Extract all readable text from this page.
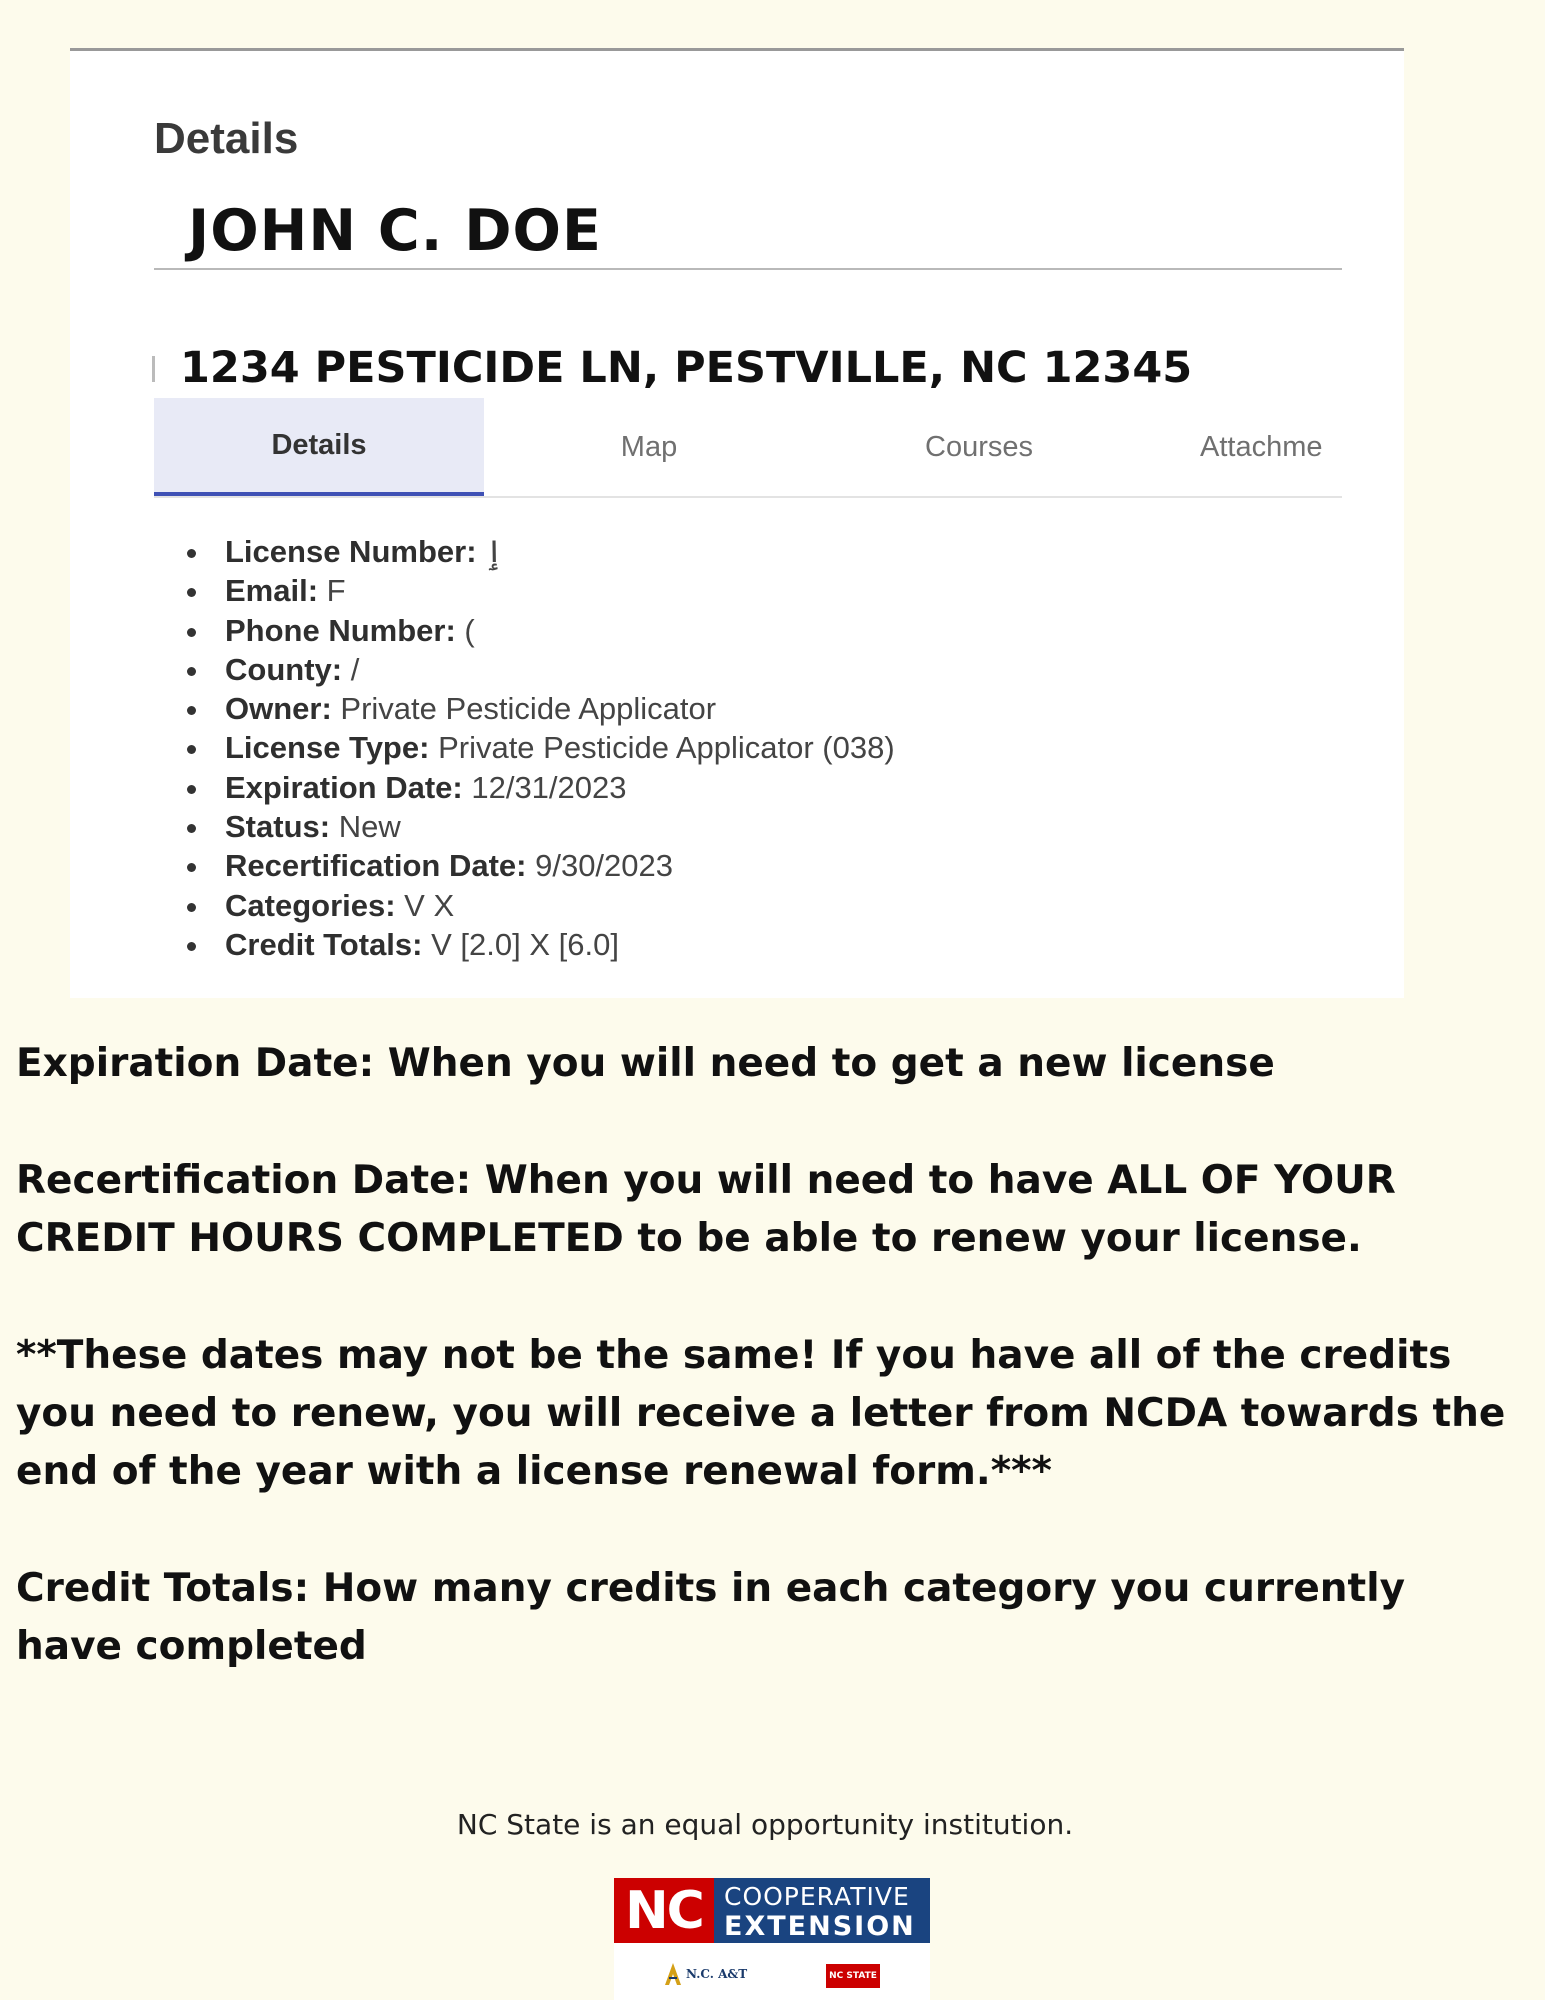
Details
JOHN C. DOE
1234 PESTICIDE LN, PESTVILLE, NC 12345
Details	Map	Courses	Attachme
License Number: ٳ
Email: F
Phone Number: (
County: /
Owner: Private Pesticide Applicator
License Type: Private Pesticide Applicator (038)
Expiration Date: 12/31/2023
Status: New
Recertification Date: 9/30/2023
Categories: V X
Credit Totals: V [2.0] X [6.0]

Expiration Date: When you will need to get a new license

Recertification Date: When you will need to have ALL OF YOUR CREDIT HOURS COMPLETED to be able to renew your license.

**These dates may not be the same! If you have all of the credits you need to renew, you will receive a letter from NCDA towards the end of the year with a license renewal form.***

Credit Totals: How many credits in each category you currently have completed

NC State is an equal opportunity institution.
NC COOPERATIVE
EXTENSION
N.C. A&T	NC STATE
